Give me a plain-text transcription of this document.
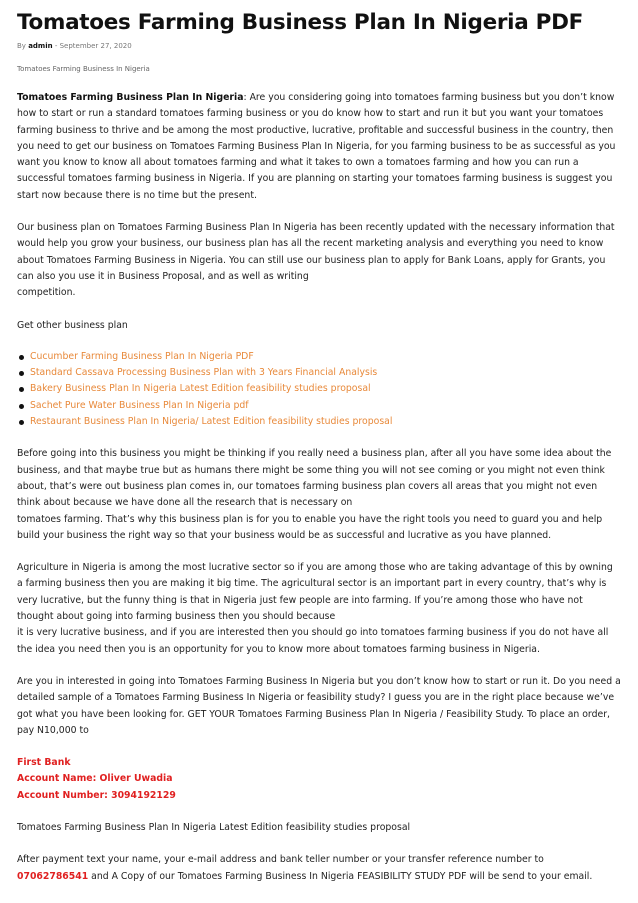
Tomatoes Farming Business Plan In Nigeria PDF
By admin - September 27, 2020
Tomatoes Farming Business In Nigeria

Tomatoes Farming Business Plan In Nigeria: Are you considering going into tomatoes farming business but you don’t know how to start or run a standard tomatoes farming business or you do know how to start and run it but you want your tomatoes farming business to thrive and be among the most productive, lucrative, profitable and successful business in the country, then you need to get our business on Tomatoes Farming Business Plan In Nigeria, for you farming business to be as successful as you want you know to know all about tomatoes farming and what it takes to own a tomatoes farming and how you can run a successful tomatoes farming business in Nigeria. If you are planning on starting your tomatoes farming business is suggest you start now because there is no time but the present.

Our business plan on Tomatoes Farming Business Plan In Nigeria has been recently updated with the necessary information that would help you grow your business, our business plan has all the recent marketing analysis and everything you need to know about Tomatoes Farming Business in Nigeria. You can still use our business plan to apply for Bank Loans, apply for Grants, you can also you use it in Business Proposal, and as well as writing
competition.

Get other business plan

Cucumber Farming Business Plan In Nigeria PDF
Standard Cassava Processing Business Plan with 3 Years Financial Analysis
Bakery Business Plan In Nigeria Latest Edition feasibility studies proposal
Sachet Pure Water Business Plan In Nigeria pdf
Restaurant Business Plan In Nigeria/ Latest Edition feasibility studies proposal

Before going into this business you might be thinking if you really need a business plan, after all you have some idea about the business, and that maybe true but as humans there might be some thing you will not see coming or you might not even think about, that’s were out business plan comes in, our tomatoes farming business plan covers all areas that you might not even think about because we have done all the research that is necessary on
tomatoes farming. That’s why this business plan is for you to enable you have the right tools you need to guard you and help build your business the right way so that your business would be as successful and lucrative as you have planned.

Agriculture in Nigeria is among the most lucrative sector so if you are among those who are taking advantage of this by owning a farming business then you are making it big time. The agricultural sector is an important part in every country, that’s why is very lucrative, but the funny thing is that in Nigeria just few people are into farming. If you’re among those who have not thought about going into farming business then you should because
it is very lucrative business, and if you are interested then you should go into tomatoes farming business if you do not have all the idea you need then you is an opportunity for you to know more about tomatoes farming business in Nigeria.

Are you in interested in going into Tomatoes Farming Business In Nigeria but you don’t know how to start or run it. Do you need a detailed sample of a Tomatoes Farming Business In Nigeria or feasibility study? I guess you are in the right place because we’ve got what you have been looking for. GET YOUR Tomatoes Farming Business Plan In Nigeria / Feasibility Study. To place an order, pay N10,000 to

First Bank
Account Name: Oliver Uwadia
Account Number: 3094192129

Tomatoes Farming Business Plan In Nigeria Latest Edition feasibility studies proposal

After payment text your name, your e-mail address and bank teller number or your transfer reference number to
07062786541 and A Copy of our Tomatoes Farming Business In Nigeria FEASIBILITY STUDY PDF will be send to your email.
